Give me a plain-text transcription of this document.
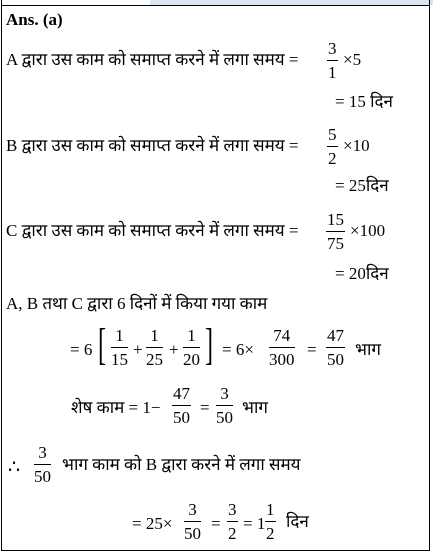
Ans. (a)
A द्वारा उस काम को समाप्त करने में लगा समय = $\frac{3}{1} \times 5$
= 15 दिन
B द्वारा उस काम को समाप्त करने में लगा समय = $\frac{5}{2} \times 10$
= 25दिन
C द्वारा उस काम को समाप्त करने में लगा समय = $\frac{15}{75} \times 100$
= 20दिन
A, B तथा C द्वारा 6 दिनों में किया गया काम
= 6 [ $\frac{1}{15} + \frac{1}{25} + \frac{1}{20}$ ] = $6\times \frac{74}{300} = \frac{47}{50}$ भाग
शेष काम = $1- \frac{47}{50} = \frac{3}{50}$ भाग
∴ $\frac{3}{50}$ भाग काम को B द्वारा करने में लगा समय
= $25\times \frac{3}{50} = \frac{3}{2} = 1 \frac{1}{2}$ दिन
